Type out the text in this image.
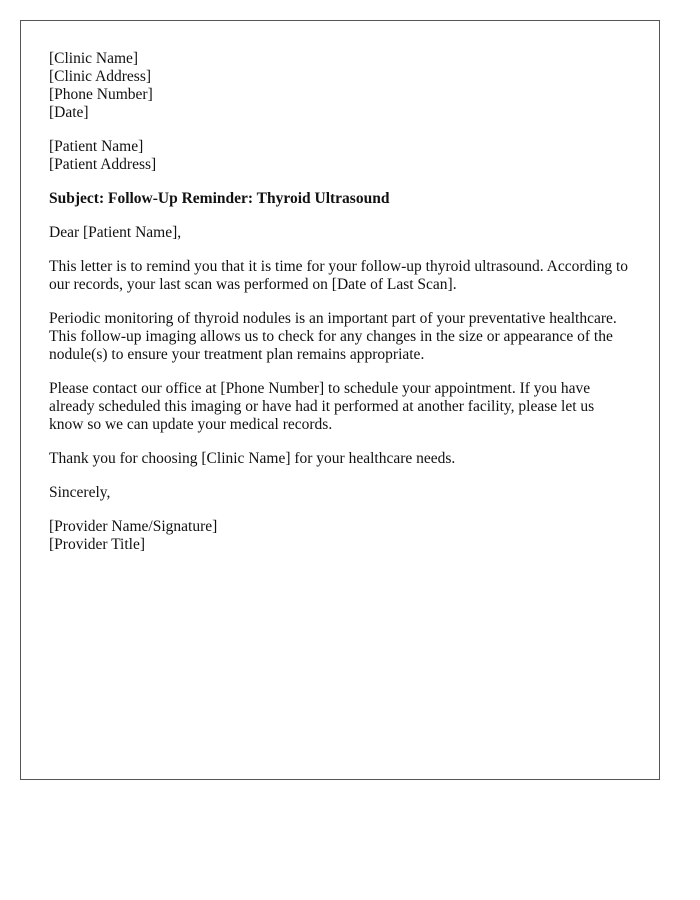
[Clinic Name]
[Clinic Address]
[Phone Number]
[Date]
[Patient Name]
[Patient Address]

Subject: Follow-Up Reminder: Thyroid Ultrasound

Dear [Patient Name],

This letter is to remind you that it is time for your follow-up thyroid ultrasound. According to our records, your last scan was performed on [Date of Last Scan].

Periodic monitoring of thyroid nodules is an important part of your preventative healthcare. This follow-up imaging allows us to check for any changes in the size or appearance of the nodule(s) to ensure your treatment plan remains appropriate.

Please contact our office at [Phone Number] to schedule your appointment. If you have already scheduled this imaging or have had it performed at another facility, please let us know so we can update your medical records.

Thank you for choosing [Clinic Name] for your healthcare needs.

Sincerely,

[Provider Name/Signature]
[Provider Title]
